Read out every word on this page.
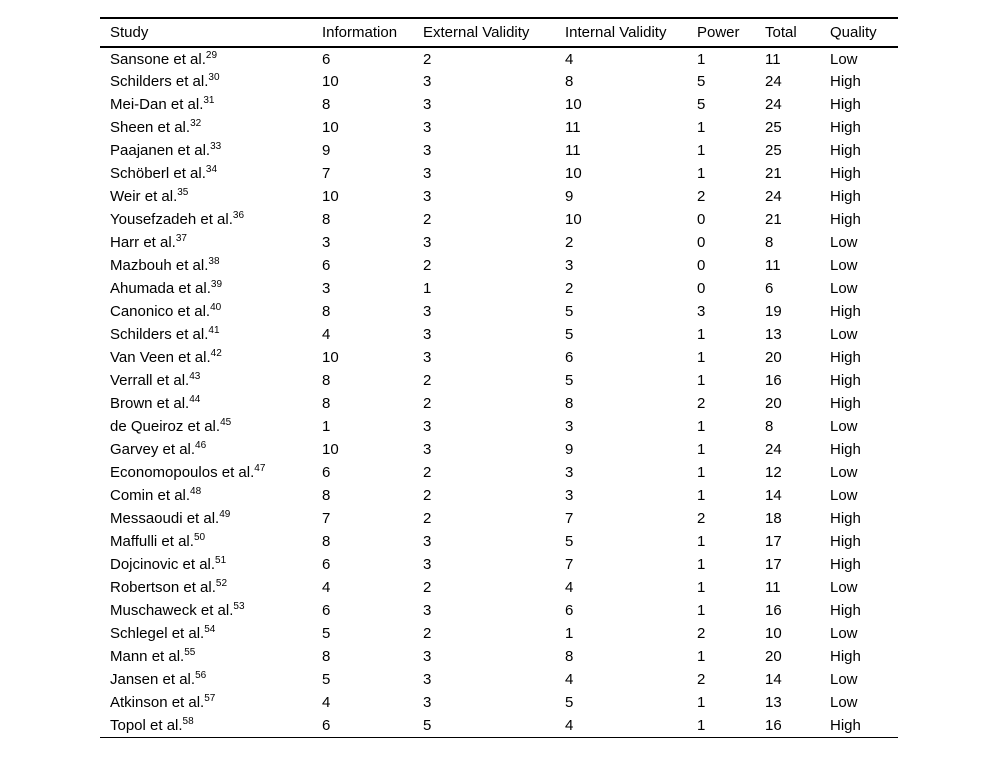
Study	Information	External Validity	Internal Validity	Power	Total	Quality
Sansone et al.$^{29}$	6	2	4	1	11	Low
Schilders et al.$^{30}$	10	3	8	5	24	High
Mei-Dan et al.$^{31}$	8	3	10	5	24	High
Sheen et al.$^{32}$	10	3	11	1	25	High
Paajanen et al.$^{33}$	9	3	11	1	25	High
Schöberl et al.$^{34}$	7	3	10	1	21	High
Weir et al.$^{35}$	10	3	9	2	24	High
Yousefzadeh et al.$^{36}$	8	2	10	0	21	High
Harr et al.$^{37}$	3	3	2	0	8	Low
Mazbouh et al.$^{38}$	6	2	3	0	11	Low
Ahumada et al.$^{39}$	3	1	2	0	6	Low
Canonico et al.$^{40}$	8	3	5	3	19	High
Schilders et al.$^{41}$	4	3	5	1	13	Low
Van Veen et al.$^{42}$	10	3	6	1	20	High
Verrall et al.$^{43}$	8	2	5	1	16	High
Brown et al.$^{44}$	8	2	8	2	20	High
de Queiroz et al.$^{45}$	1	3	3	1	8	Low
Garvey et al.$^{46}$	10	3	9	1	24	High
Economopoulos et al.$^{47}$	6	2	3	1	12	Low
Comin et al.$^{48}$	8	2	3	1	14	Low
Messaoudi et al.$^{49}$	7	2	7	2	18	High
Maffulli et al.$^{50}$	8	3	5	1	17	High
Dojcinovic et al.$^{51}$	6	3	7	1	17	High
Robertson et al.$^{52}$	4	2	4	1	11	Low
Muschaweck et al.$^{53}$	6	3	6	1	16	High
Schlegel et al.$^{54}$	5	2	1	2	10	Low
Mann et al.$^{55}$	8	3	8	1	20	High
Jansen et al.$^{56}$	5	3	4	2	14	Low
Atkinson et al.$^{57}$	4	3	5	1	13	Low
Topol et al.$^{58}$	6	5	4	1	16	High
